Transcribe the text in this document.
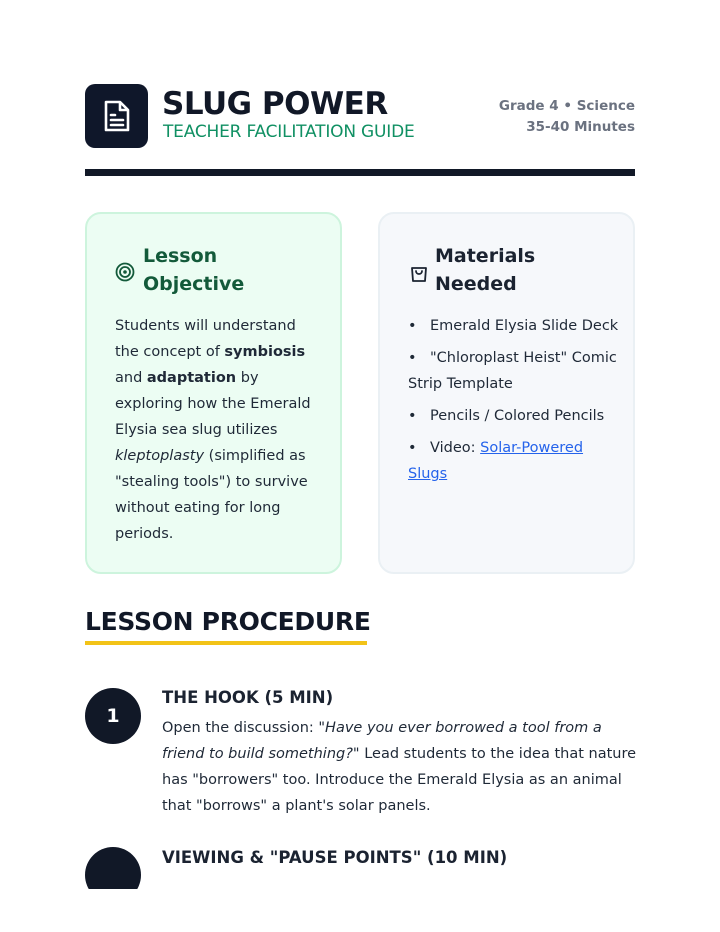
SLUG POWER
TEACHER FACILITATION GUIDE
Grade 4 • Science
35-40 Minutes
Lesson
Objective
Students will understand the concept of symbiosis and adaptation by exploring how the Emerald Elysia sea slug utilizes kleptoplasty (simplified as "stealing tools") to survive without eating for long periods.
Materials
Needed
• Emerald Elysia Slide Deck
• "Chloroplast Heist" Comic Strip Template
• Pencils / Colored Pencils
• Video: Solar-Powered Slugs
LESSON PROCEDURE
1
THE HOOK (5 MIN)
Open the discussion: "Have you ever borrowed a tool from a friend to build something?" Lead students to the idea that nature has "borrowers" too. Introduce the Emerald Elysia as an animal that "borrows" a plant's solar panels.
VIEWING & "PAUSE POINTS" (10 MIN)
